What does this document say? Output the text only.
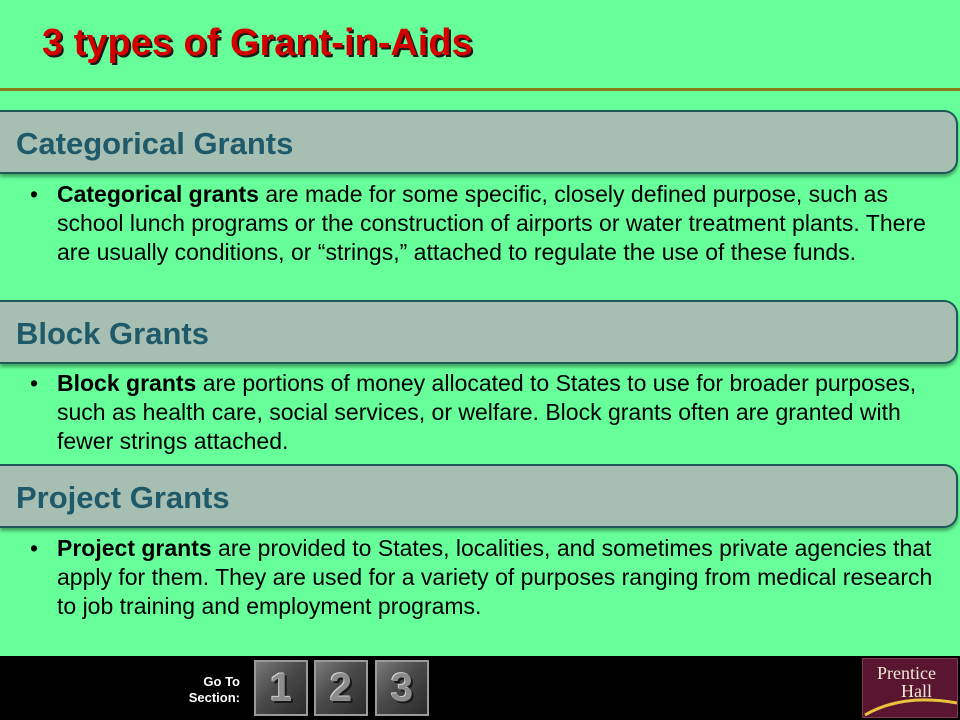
3 types of Grant-in-Aids
Categorical Grants
• Categorical grants are made for some specific, closely defined purpose, such as school lunch programs or the construction of airports or water treatment plants. There are usually conditions, or “strings,” attached to regulate the use of these funds.
Block Grants
• Block grants are portions of money allocated to States to use for broader purposes, such as health care, social services, or welfare. Block grants often are granted with fewer strings attached.
Project Grants
• Project grants are provided to States, localities, and sometimes private agencies that apply for them. They are used for a variety of purposes ranging from medical research to job training and employment programs.
Go To
Section: 1 2 3	Prentice
Hall
